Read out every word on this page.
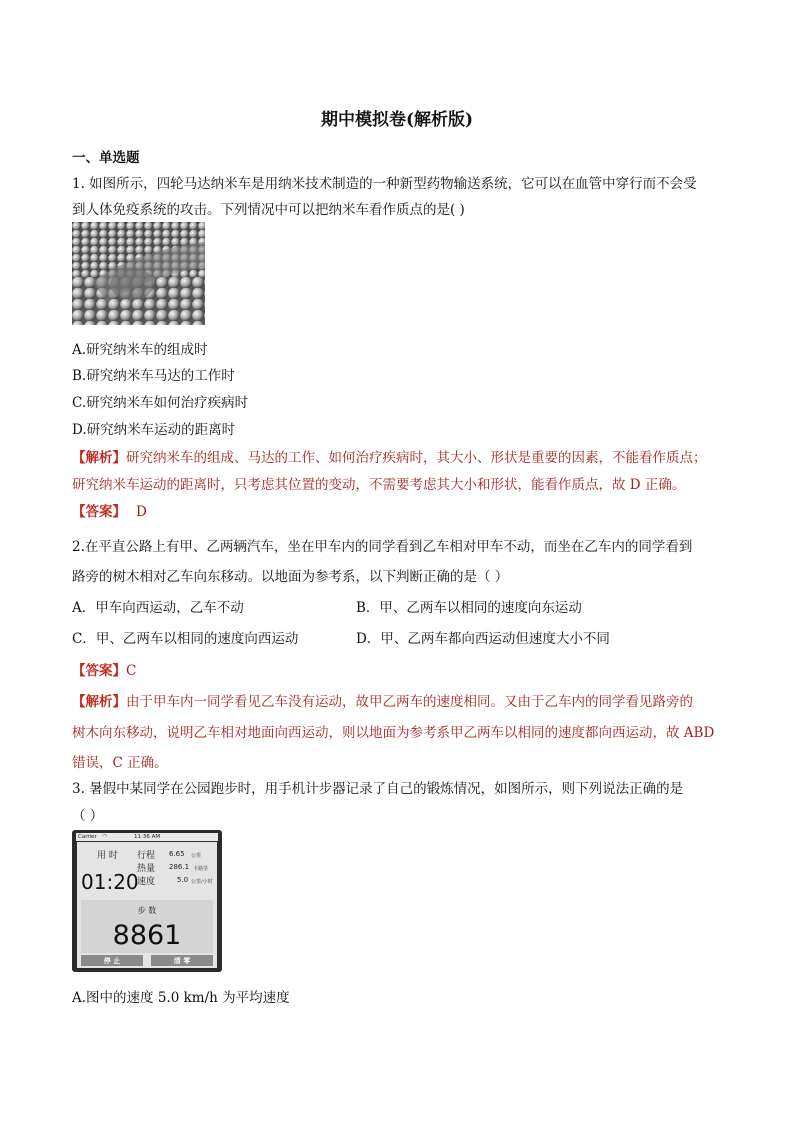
期中模拟卷(解析版)
一、单选题
1. 如图所示，四轮马达纳米车是用纳米技术制造的一种新型药物输送系统，它可以在血管中穿行而不会受
到人体免疫系统的攻击。下列情况中可以把纳米车看作质点的是( )
A.研究纳米车的组成时
B.研究纳米车马达的工作时
C.研究纳米车如何治疗疾病时
D.研究纳米车运动的距离时
【解析】研究纳米车的组成、马达的工作、如何治疗疾病时，其大小、形状是重要的因素，不能看作质点；
研究纳米车运动的距离时，只考虑其位置的变动，不需要考虑其大小和形状，能看作质点，故 D 正确。
【答案】 D
2.在平直公路上有甲、乙两辆汽车，坐在甲车内的同学看到乙车相对甲车不动，而坐在乙车内的同学看到
路旁的树木相对乙车向东移动。以地面为参考系，以下判断正确的是（ ）
A．甲车向西运动，乙车不动	B．甲、乙两车以相同的速度向东运动
C．甲、乙两车以相同的速度向西运动	D．甲、乙两车都向西运动但速度大小不同
【答案】C
【解析】由于甲车内一同学看见乙车没有运动，故甲乙两车的速度相同。又由于乙车内的同学看见路旁的
树木向东移动，说明乙车相对地面向西运动，则以地面为参考系甲乙两车以相同的速度都向西运动，故 ABD
错误，C 正确。
3. 暑假中某同学在公园跑步时，用手机计步器记录了自己的锻炼情况，如图所示，则下列说法正确的是
（ ）
Carrier ◠	11:36 AM
用 时
01:20
行程 6.65 公里
热量 286.1 卡路里
速度	5.0 公里/小时
步 数
8861
停 止	清 零
A.图中的速度 5.0 km/h 为平均速度
